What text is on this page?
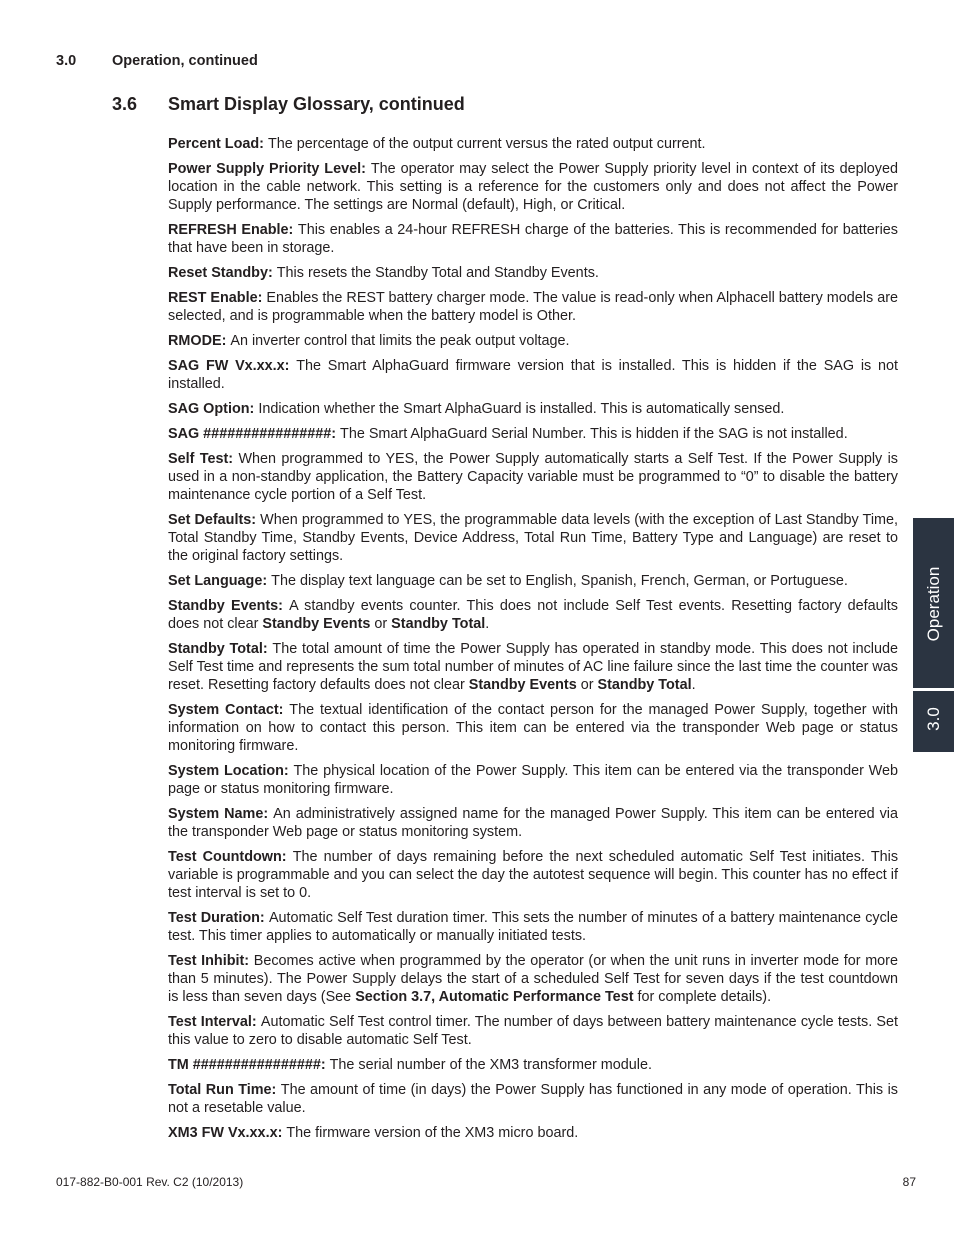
3.0 Operation, continued
3.6 Smart Display Glossary, continued

Percent Load: The percentage of the output current versus the rated output current.

Power Supply Priority Level: The operator may select the Power Supply priority level in context of its deployed location in the cable network. This setting is a reference for the customers only and does not affect the Power Supply performance. The settings are Normal (default), High, or Critical.

REFRESH Enable: This enables a 24-hour REFRESH charge of the batteries. This is recommended for batteries that have been in storage.

Reset Standby: This resets the Standby Total and Standby Events.

REST Enable: Enables the REST battery charger mode. The value is read-only when Alphacell battery models are selected, and is programmable when the battery model is Other.

RMODE: An inverter control that limits the peak output voltage.

SAG FW Vx.xx.x: The Smart AlphaGuard firmware version that is installed. This is hidden if the SAG is not installed.

SAG Option: Indication whether the Smart AlphaGuard is installed. This is automatically sensed.

SAG ################: The Smart AlphaGuard Serial Number. This is hidden if the SAG is not installed.

Self Test: When programmed to YES, the Power Supply automatically starts a Self Test. If the Power Supply is used in a non-standby application, the Battery Capacity variable must be programmed to “0” to disable the battery maintenance cycle portion of a Self Test.

Set Defaults: When programmed to YES, the programmable data levels (with the exception of Last Standby Time, Total Standby Time, Standby Events, Device Address, Total Run Time, Battery Type and Language) are reset to the original factory settings.

Set Language: The display text language can be set to English, Spanish, French, German, or Portuguese.

Standby Events: A standby events counter. This does not include Self Test events. Resetting factory defaults does not clear Standby Events or Standby Total.

Standby Total: The total amount of time the Power Supply has operated in standby mode. This does not include Self Test time and represents the sum total number of minutes of AC line failure since the last time the counter was reset. Resetting factory defaults does not clear Standby Events or Standby Total.

System Contact: The textual identification of the contact person for the managed Power Supply, together with information on how to contact this person. This item can be entered via the transponder Web page or status monitoring firmware.

System Location: The physical location of the Power Supply. This item can be entered via the transponder Web page or status monitoring firmware.

System Name: An administratively assigned name for the managed Power Supply. This item can be entered via the transponder Web page or status monitoring system.

Test Countdown: The number of days remaining before the next scheduled automatic Self Test initiates. This variable is programmable and you can select the day the autotest sequence will begin. This counter has no effect if test interval is set to 0.

Test Duration: Automatic Self Test duration timer. This sets the number of minutes of a battery maintenance cycle test. This timer applies to automatically or manually initiated tests.

Test Inhibit: Becomes active when programmed by the operator (or when the unit runs in inverter mode for more than 5 minutes). The Power Supply delays the start of a scheduled Self Test for seven days if the test countdown is less than seven days (See Section 3.7, Automatic Performance Test for complete details).

Test Interval: Automatic Self Test control timer. The number of days between battery maintenance cycle tests. Set this value to zero to disable automatic Self Test.

TM ################: The serial number of the XM3 transformer module.

Total Run Time: The amount of time (in days) the Power Supply has functioned in any mode of operation. This is not a resetable value.

XM3 FW Vx.xx.x: The firmware version of the XM3 micro board.

Operation
3.0
017-882-B0-001 Rev. C2 (10/2013)	87
